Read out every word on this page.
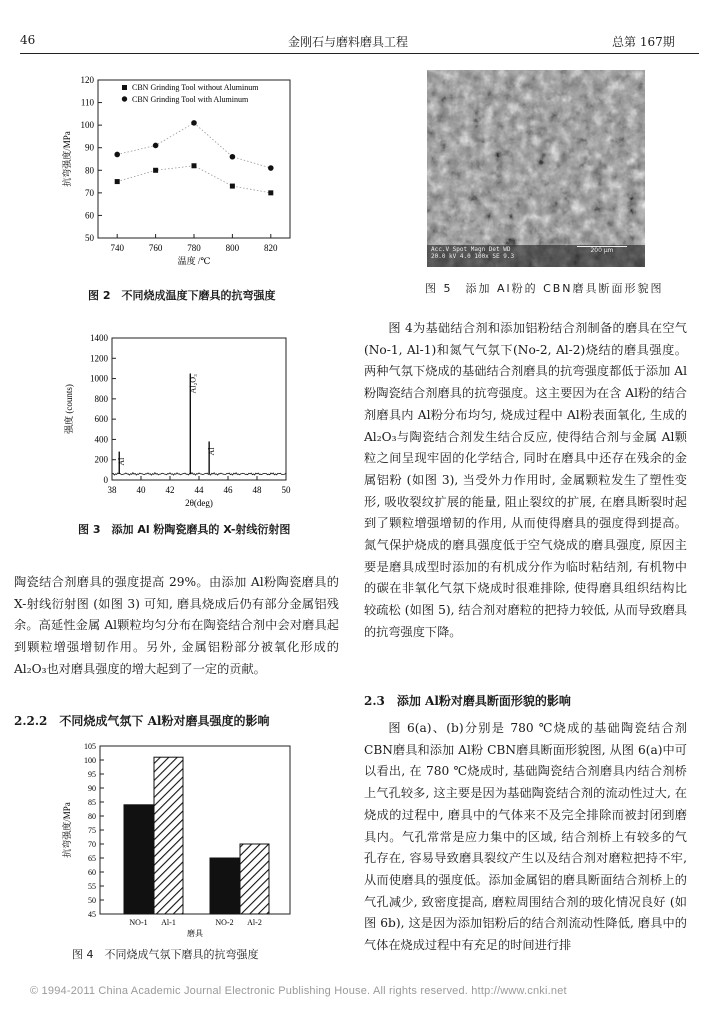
46	金刚石与磨料磨具工程	总第 167期
50
60
70
80
90
100
110
120
740	760	780	800	820
温度 /℃
抗弯强度/MPa
CBN Grinding Tool without Aluminum
CBN Grinding Tool with Aluminum
图 2　不同烧成温度下磨具的抗弯强度
0
200
400
600
800
1000
1200
1400
38 40 42 44 46 48 50
2θ(deg)
强度 (counts)
Al
Al₂O₃
Al
图 3　添加 Al 粉陶瓷磨具的 X-射线衍射图

陶瓷结合剂磨具的强度提高 29%。由添加 Al粉陶瓷磨具的 X-射线衍射图 (如图 3) 可知, 磨具烧成后仍有部分金属铝残余。高延性金属 Al颗粒均匀分布在陶瓷结合剂中会对磨具起到颗粒增强增韧作用。另外, 金属铝粉部分被氧化形成的 Al₂O₃也对磨具强度的增大起到了一定的贡献。

2.2.2　不同烧成气氛下 Al粉对磨具强度的影响
45
50
55
60
65
70
75
80
85
90
95
100
105
抗弯强度/MPa
磨具
NO-1 Al-1	NO-2 Al-2
图 4　不同烧成气氛下磨具的抗弯强度
Acc.V Spot Magn Det WD
20.0 kV 4.0 100x SE 9.3
200 μm
图 5　添加 Al粉的 CBN磨具断面形貌图

图 4为基础结合剂和添加铝粉结合剂制备的磨具在空气(No-1, Al-1)和氮气气氛下(No-2, Al-2)烧结的磨具强度。两种气氛下烧成的基础结合剂磨具的抗弯强度都低于添加 Al粉陶瓷结合剂磨具的抗弯强度。这主要因为在含 Al粉的结合剂磨具内 Al粉分布均匀, 烧成过程中 Al粉表面氧化, 生成的 Al₂O₃与陶瓷结合剂发生结合反应, 使得结合剂与金属 Al颗粒之间呈现牢固的化学结合, 同时在磨具中还存在残余的金属铝粉 (如图 3), 当受外力作用时, 金属颗粒发生了塑性变形, 吸收裂纹扩展的能量, 阻止裂纹的扩展, 在磨具断裂时起到了颗粒增强增韧的作用, 从而使得磨具的强度得到提高。氮气保护烧成的磨具强度低于空气烧成的磨具强度, 原因主要是磨具成型时添加的有机成分作为临时粘结剂, 有机物中的碳在非氧化气氛下烧成时很难排除, 使得磨具组织结构比较疏松 (如图 5), 结合剂对磨粒的把持力较低, 从而导致磨具的抗弯强度下降。

2.3　添加 Al粉对磨具断面形貌的影响

图 6(a)、(b)分别是 780 ℃烧成的基础陶瓷结合剂 CBN磨具和添加 Al粉 CBN磨具断面形貌图, 从图 6(a)中可以看出, 在 780 ℃烧成时, 基础陶瓷结合剂磨具内结合剂桥上气孔较多, 这主要是因为基础陶瓷结合剂的流动性过大, 在烧成的过程中, 磨具中的气体来不及完全排除而被封闭到磨具内。气孔常常是应力集中的区域, 结合剂桥上有较多的气孔存在, 容易导致磨具裂纹产生以及结合剂对磨粒把持不牢, 从而使磨具的强度低。添加金属铝的磨具断面结合剂桥上的气孔减少, 致密度提高, 磨粒周围结合剂的玻化情况良好 (如图 6b), 这是因为添加铝粉后的结合剂流动性降低, 磨具中的气体在烧成过程中有充足的时间进行排

© 1994-2011 China Academic Journal Electronic Publishing House. All rights reserved. http://www.cnki.net
